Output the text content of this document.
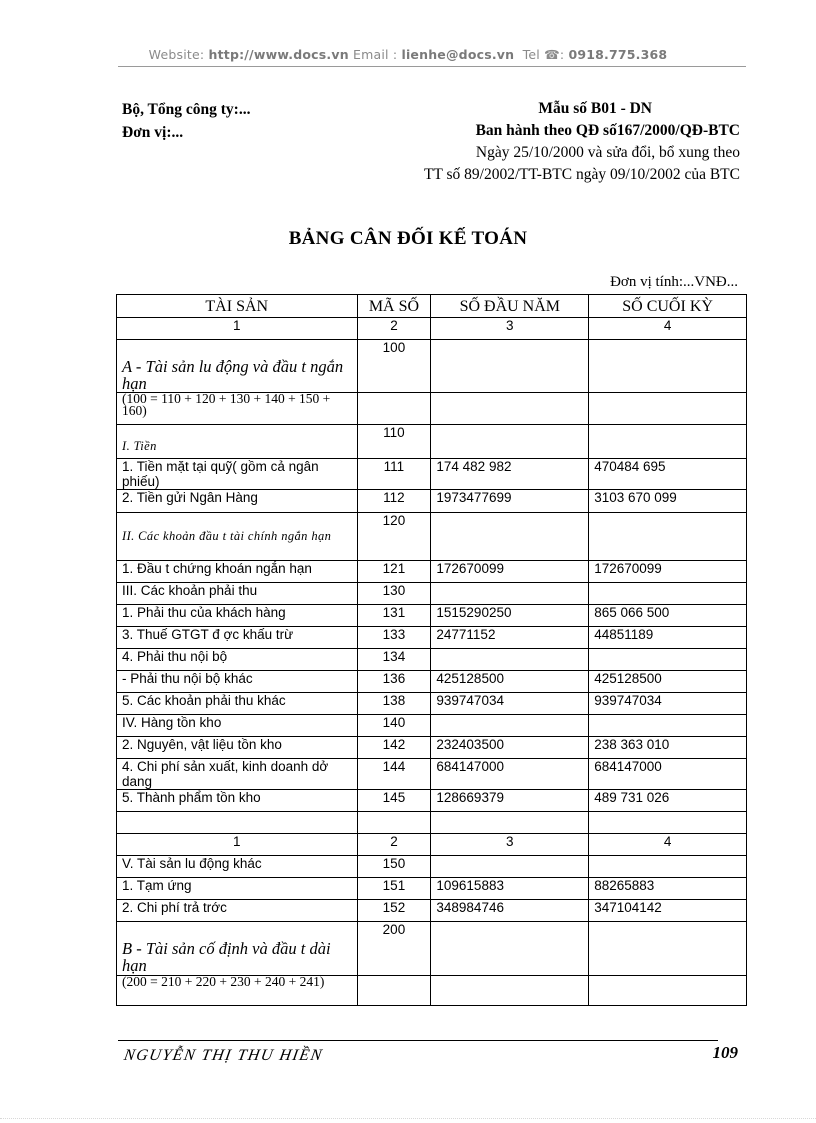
Website: http://www.docs.vn Email : lienhe@docs.vn Tel ☎: 0918.775.368
Bộ, Tổng công ty:...
Đơn vị:...
Mẫu số B01 - DN
Ban hành theo QĐ số167/2000/QĐ-BTC
Ngày 25/10/2000 và sửa đổi, bổ xung theo
TT số 89/2002/TT-BTC ngày 09/10/2002 của BTC
BẢNG CÂN ĐỐI KẾ TOÁN
Đơn vị tính:...VNĐ...
TÀI SẢN	MÃ SỐ	SỐ ĐẦU NĂM	SỐ CUỐI KỲ
1	2	3	4

A - Tài sản lu động và đầu t ngắn hạn	100		

(100 = 110 + 120 + 130 + 140 + 150 + 160)			

I. Tiền	110		
1. Tiền mặt tại quỹ( gồm cả ngân phiếu)	111	174 482 982	470484 695
2. Tiền gửi Ngân Hàng	112	1973477699	3103 670 099

II. Các khoản đầu t tài chính ngắn hạn	120		
1. Đầu t chứng khoán ngắn hạn	121	172670099	172670099
III. Các khoản phải thu	130		
1. Phải thu của khách hàng	131	1515290250	865 066 500
3. Thuế GTGT đ ợc khấu trừ	133	24771152	44851189
4. Phải thu nội bộ	134		
- Phải thu nội bộ khác	136	425128500	425128500
5. Các khoản phải thu khác	138	939747034	939747034
IV. Hàng tồn kho	140		
2. Nguyên, vật liệu tồn kho	142	232403500	238 363 010
4. Chi phí sản xuất, kinh doanh dở dang	144	684147000	684147000
5. Thành phẩm tồn kho	145	128669379	489 731 026

1	2	3	4
V. Tài sản lu động khác	150		
1. Tạm ứng	151	109615883	88265883
2. Chi phí trả trớc	152	348984746	347104142

B - Tài sản cố định và đầu t dài hạn	200		

(200 = 210 + 220 + 230 + 240 + 241)			

NGUYỄN THỊ THU HIỀN	109
